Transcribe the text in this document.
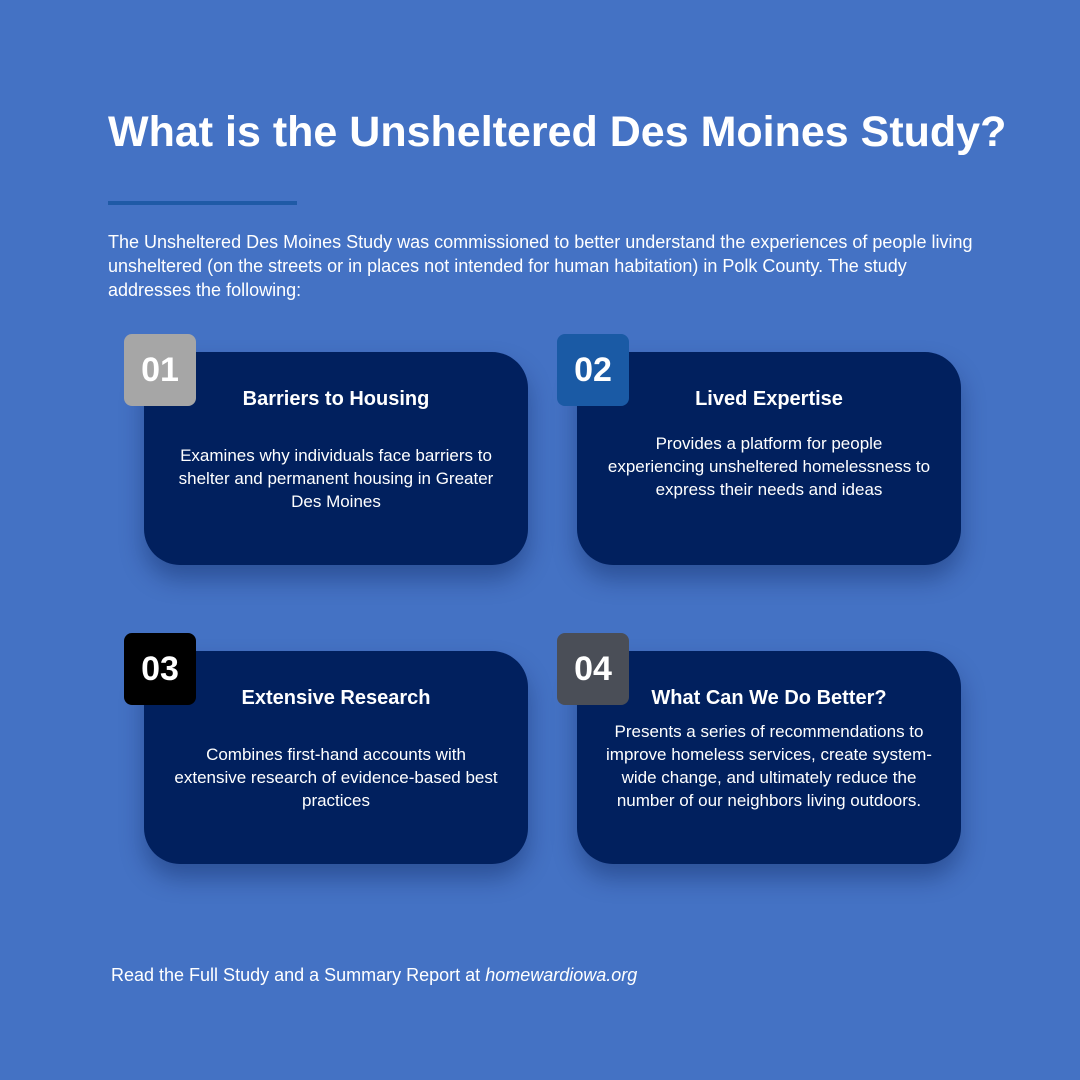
What is the Unsheltered Des Moines Study?

The Unsheltered Des Moines Study was commissioned to better understand the experiences of people living unsheltered (on the streets or in places not intended for human habitation) in Polk County. The study addresses the following:

01
Barriers to Housing

Examines why individuals face barriers to shelter and permanent housing in Greater Des Moines

02
Lived Expertise

Provides a platform for people experiencing unsheltered homelessness to express their needs and ideas

03
Extensive Research

Combines first-hand accounts with extensive research of evidence-based best practices

04
What Can We Do Better?

Presents a series of recommendations to improve homeless services, create system-wide change, and ultimately reduce the number of our neighbors living outdoors.

Read the Full Study and a Summary Report at homewardiowa.org
